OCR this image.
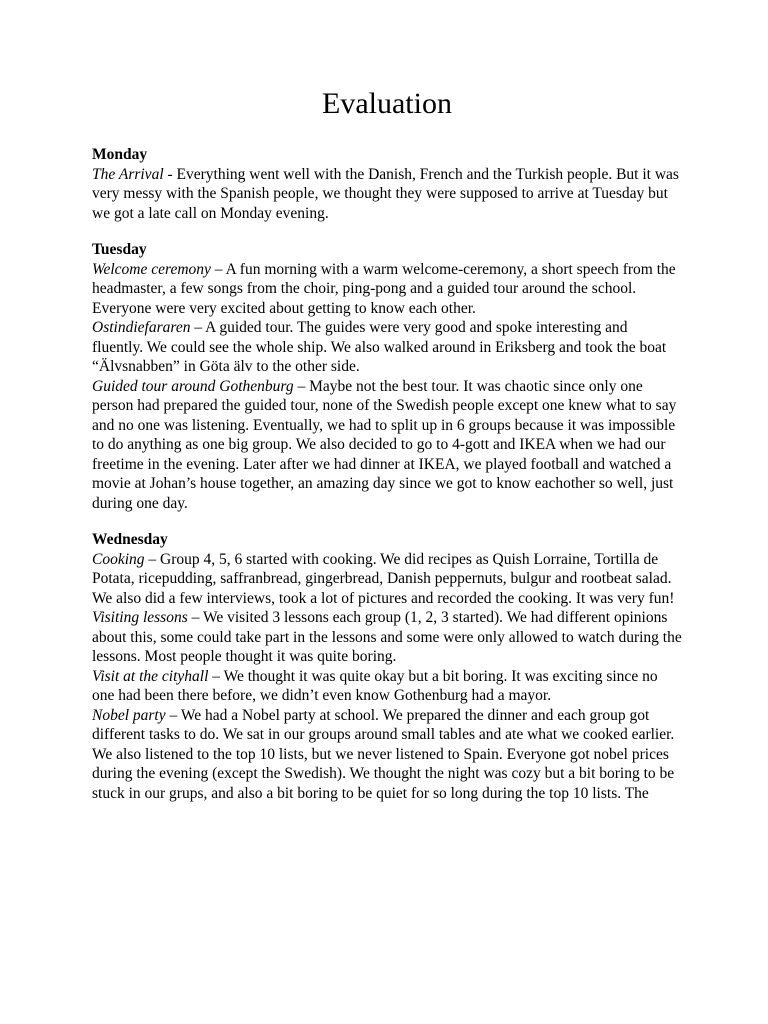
Evaluation

Monday

The Arrival - Everything went well with the Danish, French and the Turkish people. But it was very messy with the Spanish people, we thought they were supposed to arrive at Tuesday but we got a late call on Monday evening.

Tuesday

Welcome ceremony – A fun morning with a warm welcome-ceremony, a short speech from the headmaster, a few songs from the choir, ping-pong and a guided tour around the school. Everyone were very excited about getting to know each other.

Ostindiefararen – A guided tour. The guides were very good and spoke interesting and fluently. We could see the whole ship. We also walked around in Eriksberg and took the boat “Älvsnabben” in Göta älv to the other side.

Guided tour around Gothenburg – Maybe not the best tour. It was chaotic since only one person had prepared the guided tour, none of the Swedish people except one knew what to say and no one was listening. Eventually, we had to split up in 6 groups because it was impossible to do anything as one big group. We also decided to go to 4-gott and IKEA when we had our freetime in the evening. Later after we had dinner at IKEA, we played football and watched a movie at Johan’s house together, an amazing day since we got to know eachother so well, just during one day.

Wednesday

Cooking – Group 4, 5, 6 started with cooking. We did recipes as Quish Lorraine, Tortilla de Potata, ricepudding, saffranbread, gingerbread, Danish peppernuts, bulgur and rootbeat salad. We also did a few interviews, took a lot of pictures and recorded the cooking. It was very fun!

Visiting lessons – We visited 3 lessons each group (1, 2, 3 started). We had different opinions about this, some could take part in the lessons and some were only allowed to watch during the lessons. Most people thought it was quite boring.

Visit at the cityhall – We thought it was quite okay but a bit boring. It was exciting since no one had been there before, we didn’t even know Gothenburg had a mayor.

Nobel party – We had a Nobel party at school. We prepared the dinner and each group got different tasks to do. We sat in our groups around small tables and ate what we cooked earlier. We also listened to the top 10 lists, but we never listened to Spain. Everyone got nobel prices during the evening (except the Swedish). We thought the night was cozy but a bit boring to be stuck in our grups, and also a bit boring to be quiet for so long during the top 10 lists. The
